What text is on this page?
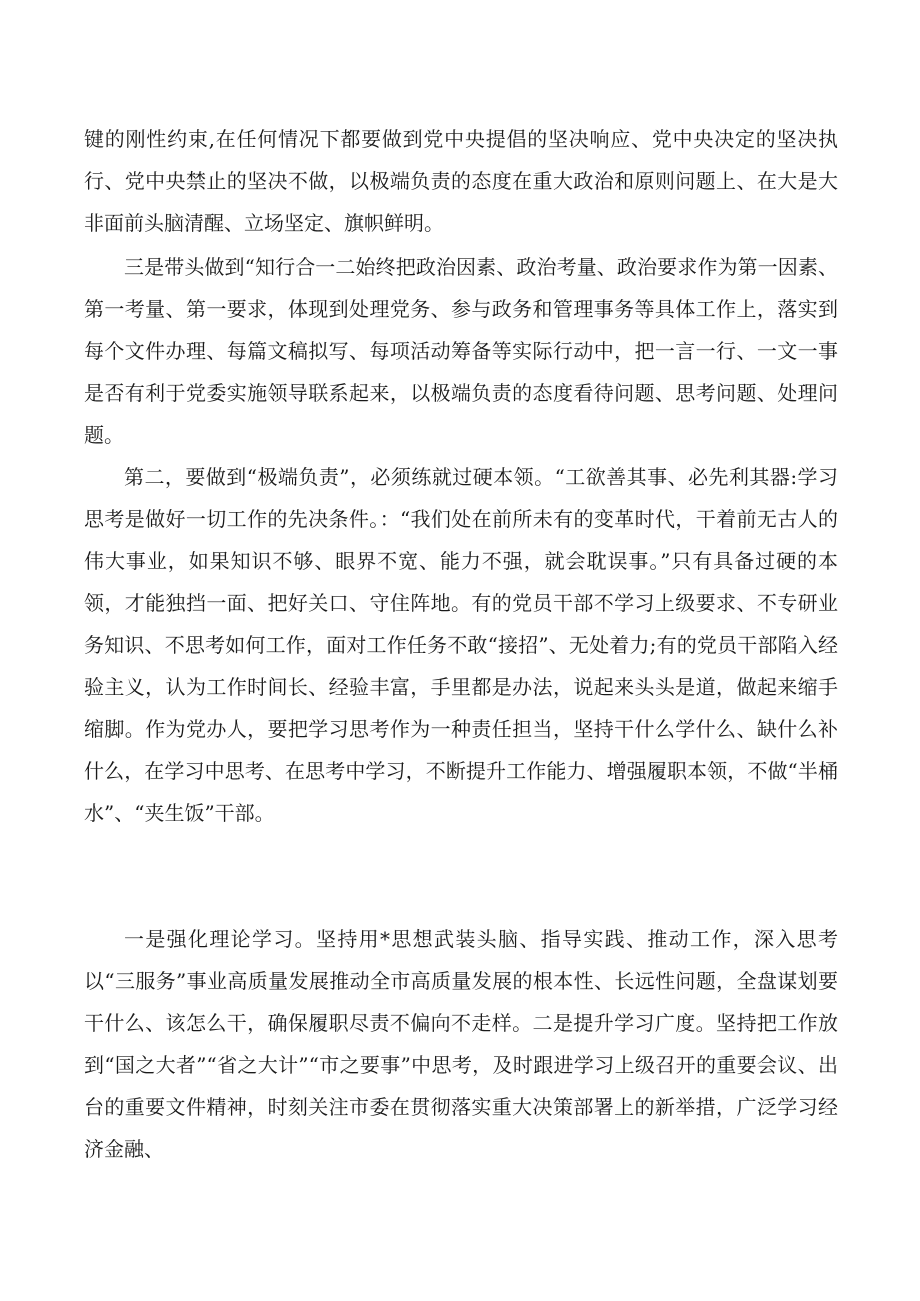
键的刚性约束,在任何情况下都要做到党中央提倡的坚决响应、党中央决定的坚决执行、党中央禁止的坚决不做，以极端负责的态度在重大政治和原则问题上、在大是大非面前头脑清醒、立场坚定、旗帜鲜明。

三是带头做到“知行合一二始终把政治因素、政治考量、政治要求作为第一因素、第一考量、第一要求，体现到处理党务、参与政务和管理事务等具体工作上，落实到每个文件办理、每篇文稿拟写、每项活动筹备等实际行动中，把一言一行、一文一事是否有利于党委实施领导联系起来，以极端负责的态度看待问题、思考问题、处理问题。

第二，要做到“极端负责”，必须练就过硬本领。“工欲善其事、必先利其器:学习思考是做好一切工作的先决条件。：“我们处在前所未有的变革时代，干着前无古人的伟大事业，如果知识不够、眼界不宽、能力不强，就会耽误事。”只有具备过硬的本领，才能独挡一面、把好关口、守住阵地。有的党员干部不学习上级要求、不专研业务知识、不思考如何工作，面对工作任务不敢“接招”、无处着力;有的党员干部陷入经验主义，认为工作时间长、经验丰富，手里都是办法，说起来头头是道，做起来缩手缩脚。作为党办人，要把学习思考作为一种责任担当，坚持干什么学什么、缺什么补什么，在学习中思考、在思考中学习，不断提升工作能力、增强履职本领，不做“半桶水”、“夹生饭”干部。

一是强化理论学习。坚持用*思想武装头脑、指导实践、推动工作，深入思考以“三服务”事业高质量发展推动全市高质量发展的根本性、长远性问题，全盘谋划要干什么、该怎么干，确保履职尽责不偏向不走样。二是提升学习广度。坚持把工作放到“国之大者”“省之大计”“市之要事”中思考，及时跟进学习上级召开的重要会议、出台的重要文件精神，时刻关注市委在贯彻落实重大决策部署上的新举措，广泛学习经济金融、
